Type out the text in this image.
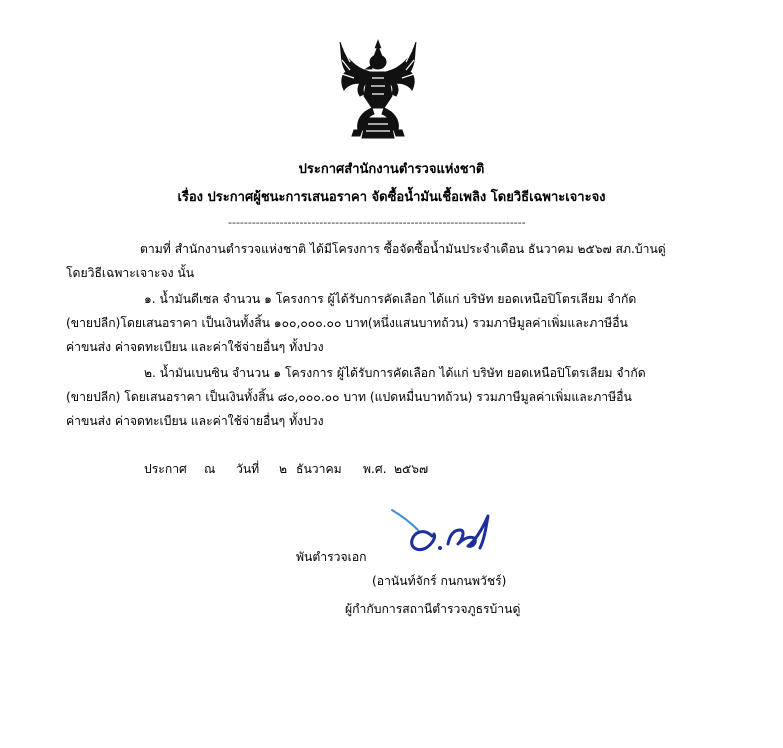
ประกาศสำนักงานตำรวจแห่งชาติ
เรื่อง ประกาศผู้ชนะการเสนอราคา จัดซื้อน้ำมันเชื้อเพลิง โดยวิธีเฉพาะเจาะจง
---------------------------------------------------------------------------
ตามที่ สำนักงานตำรวจแห่งชาติ ได้มีโครงการ ซื้อจัดซื้อน้ำมันประจำเดือน ธันวาคม ๒๕๖๗ สภ.บ้านดู่
โดยวิธีเฉพาะเจาะจง นั้น
๑. น้ำมันดีเซล จำนวน ๑ โครงการ ผู้ได้รับการคัดเลือก ได้แก่ บริษัท ยอดเหนือปิโตรเลียม จำกัด
(ขายปลีก)โดยเสนอราคา เป็นเงินทั้งสิ้น ๑๐๐,๐๐๐.๐๐ บาท(หนึ่งแสนบาทถ้วน) รวมภาษีมูลค่าเพิ่มและภาษีอื่น
ค่าขนส่ง ค่าจดทะเบียน และค่าใช้จ่ายอื่นๆ ทั้งปวง
๒. น้ำมันเบนซิน จำนวน ๑ โครงการ ผู้ได้รับการคัดเลือก ได้แก่ บริษัท ยอดเหนือปิโตรเลียม จำกัด
(ขายปลีก) โดยเสนอราคา เป็นเงินทั้งสิ้น ๘๐,๐๐๐.๐๐ บาท (แปดหมื่นบาทถ้วน) รวมภาษีมูลค่าเพิ่มและภาษีอื่น
ค่าขนส่ง ค่าจดทะเบียน และค่าใช้จ่ายอื่นๆ ทั้งปวง
ประกาศ ณ วันที่ ๒ ธันวาคม พ.ศ. ๒๕๖๗
พันตำรวจเอก
(อานันท์จักร์ กนกนพวัชร์)
ผู้กำกับการสถานีตำรวจภูธรบ้านดู่
